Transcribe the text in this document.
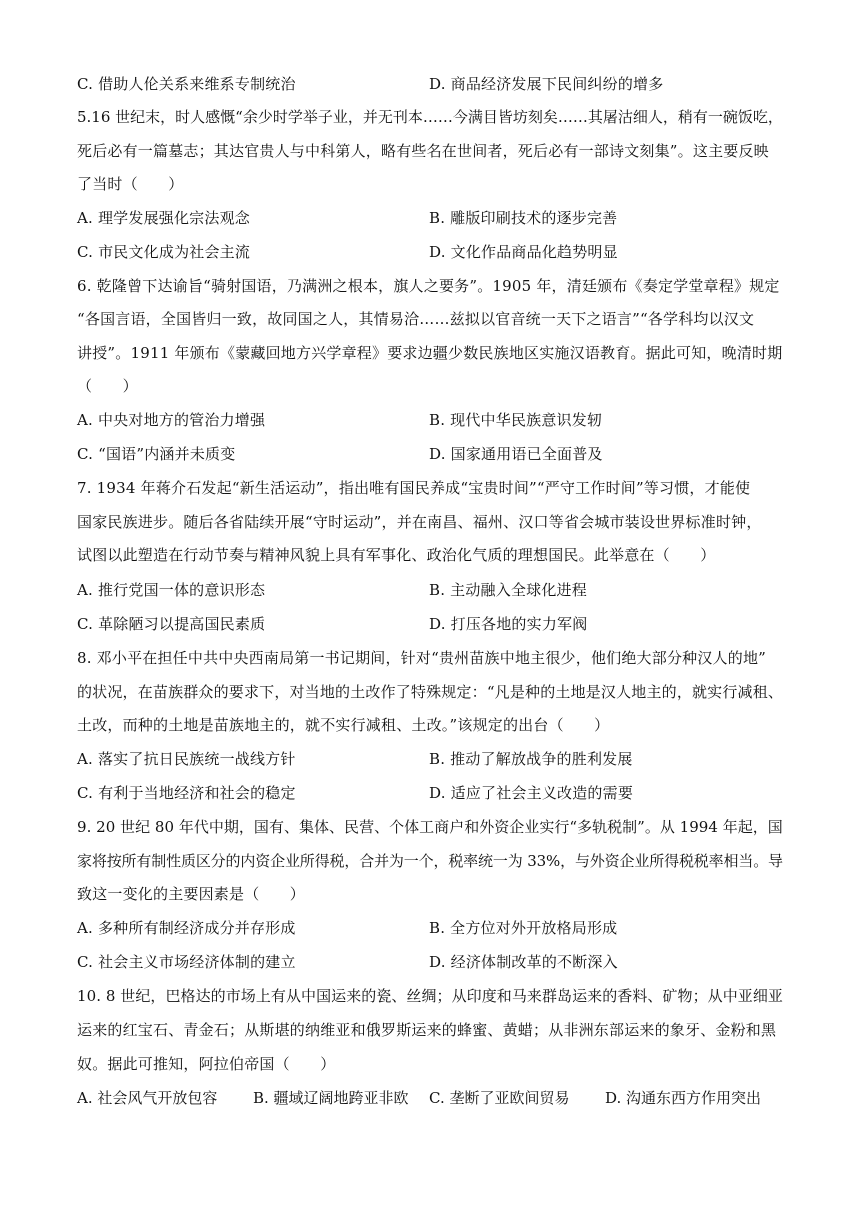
C. 借助人伦关系来维系专制统治	D. 商品经济发展下民间纠纷的增多
5.16 世纪末，时人感慨“余少时学举子业，并无刊本……今满目皆坊刻矣……其屠沽细人，稍有一碗饭吃，
死后必有一篇墓志；其达官贵人与中科第人，略有些名在世间者，死后必有一部诗文刻集”。这主要反映
了当时（　　）
A. 理学发展强化宗法观念	B. 雕版印刷技术的逐步完善
C. 市民文化成为社会主流	D. 文化作品商品化趋势明显
6. 乾隆曾下达谕旨“骑射国语，乃满洲之根本，旗人之要务”。1905 年，清廷颁布《奏定学堂章程》规定
“各国言语，全国皆归一致，故同国之人，其情易洽……兹拟以官音统一天下之语言”“各学科均以汉文
讲授”。1911 年颁布《蒙藏回地方兴学章程》要求边疆少数民族地区实施汉语教育。据此可知，晚清时期
（　　）
A. 中央对地方的管治力增强	B. 现代中华民族意识发轫
C. “国语”内涵并未质变	D. 国家通用语已全面普及
7. 1934 年蒋介石发起“新生活运动”，指出唯有国民养成“宝贵时间”“严守工作时间”等习惯，才能使
国家民族进步。随后各省陆续开展“守时运动”，并在南昌、福州、汉口等省会城市装设世界标准时钟，
试图以此塑造在行动节奏与精神风貌上具有军事化、政治化气质的理想国民。此举意在（　　）
A. 推行党国一体的意识形态	B. 主动融入全球化进程
C. 革除陋习以提高国民素质	D. 打压各地的实力军阀
8. 邓小平在担任中共中央西南局第一书记期间，针对“贵州苗族中地主很少，他们绝大部分种汉人的地”
的状况，在苗族群众的要求下，对当地的土改作了特殊规定：“凡是种的土地是汉人地主的，就实行减租、
土改，而种的土地是苗族地主的，就不实行减租、土改。”该规定的出台（　　）
A. 落实了抗日民族统一战线方针	B. 推动了解放战争的胜利发展
C. 有利于当地经济和社会的稳定	D. 适应了社会主义改造的需要
9. 20 世纪 80 年代中期，国有、集体、民营、个体工商户和外资企业实行“多轨税制”。从 1994 年起，国
家将按所有制性质区分的内资企业所得税，合并为一个，税率统一为 33%，与外资企业所得税税率相当。导
致这一变化的主要因素是（　　）
A. 多种所有制经济成分并存形成	B. 全方位对外开放格局形成
C. 社会主义市场经济体制的建立	D. 经济体制改革的不断深入
10. 8 世纪，巴格达的市场上有从中国运来的瓷、丝绸；从印度和马来群岛运来的香料、矿物；从中亚细亚
运来的红宝石、青金石；从斯堪的纳维亚和俄罗斯运来的蜂蜜、黄蜡；从非洲东部运来的象牙、金粉和黑
奴。据此可推知，阿拉伯帝国（　　）
A. 社会风气开放包容 B. 疆域辽阔地跨亚非欧 C. 垄断了亚欧间贸易 D. 沟通东西方作用突出
